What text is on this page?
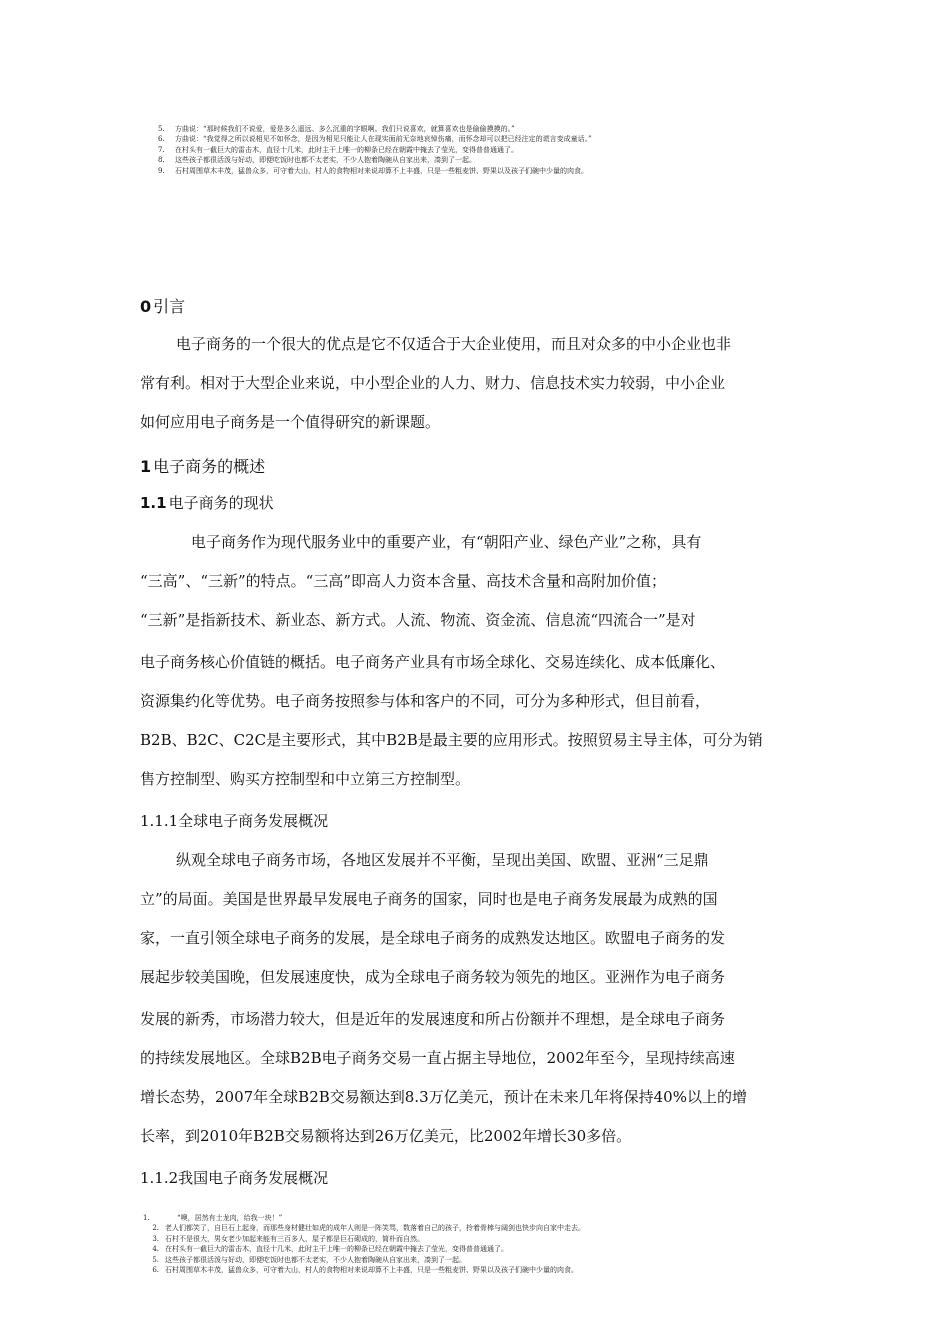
5.	方曲说：“那时候我们不说爱，爱是多么遥远、多么沉重的字眼啊。我们只说喜欢，就算喜欢也是偷偷摸摸的。”
6.	方曲说：“我觉得之所以说相见不如怀念，是因为相见只能让人在现实面前无奈地哀悼伤痛，而怀念却可以把已经注定的谎言变成童话。”
7.	在村头有一截巨大的雷击木，直径十几米，此时主干上唯一的柳条已经在朝霞中掩去了莹光，变得普普通通了。
8.	这些孩子都很活泼与好动，即便吃饭时也都不太老实，不少人抱着陶碗从自家出来，凑到了一起。
9.	石村周围草木丰茂，猛兽众多，可守着大山，村人的食物相对来说却算不上丰盛，只是一些粗麦饼、野果以及孩子们碗中少量的肉食。
0 引言
电子商务的一个很大的优点是它不仅适合于大企业使用，而且对众多的中小企业也非
常有利。相对于大型企业来说，中小型企业的人力、财力、信息技术实力较弱，中小企业
如何应用电子商务是一个值得研究的新课题。
1 电子商务的概述
1.1 电子商务的现状
电子商务作为现代服务业中的重要产业，有“朝阳产业、绿色产业”之称，具有
“三高”、“三新”的特点。“三高”即高人力资本含量、高技术含量和高附加价值；
“三新”是指新技术、新业态、新方式。人流、物流、资金流、信息流“四流合一”是对
电子商务核心价值链的概括。电子商务产业具有市场全球化、交易连续化、成本低廉化、
资源集约化等优势。电子商务按照参与体和客户的不同，可分为多种形式，但目前看，
B2B、B2C、C2C是主要形式，其中B2B是最主要的应用形式。按照贸易主导主体，可分为销
售方控制型、购买方控制型和中立第三方控制型。
1.1.1全球电子商务发展概况
纵观全球电子商务市场，各地区发展并不平衡，呈现出美国、欧盟、亚洲“三足鼎
立”的局面。美国是世界最早发展电子商务的国家，同时也是电子商务发展最为成熟的国
家，一直引领全球电子商务的发展，是全球电子商务的成熟发达地区。欧盟电子商务的发
展起步较美国晚，但发展速度快，成为全球电子商务较为领先的地区。亚洲作为电子商务
发展的新秀，市场潜力较大，但是近年的发展速度和所占份额并不理想，是全球电子商务
的持续发展地区。全球B2B电子商务交易一直占据主导地位，2002年至今，呈现持续高速
增长态势，2007年全球B2B交易额达到8.3万亿美元，预计在未来几年将保持40%以上的增
长率，到2010年B2B交易额将达到26万亿美元，比2002年增长30多倍。
1.1.2我国电子商务发展概况
1.	“噢，居然有土龙肉，给我一块！”
2. 老人们都笑了，自巨石上起身，而那些身材健壮如虎的成年人则是一阵笑骂，数落着自己的孩子，拎着骨棒与阔剑也快步向自家中走去。
3. 石村不是很大，男女老少加起来能有三百多人，屋子都是巨石砌成的，简朴而自然。
4. 在村头有一截巨大的雷击木，直径十几米，此时主干上唯一的柳条已经在朝霞中掩去了莹光，变得普普通通了。
5. 这些孩子都很活泼与好动，即便吃饭时也都不太老实，不少人抱着陶碗从自家出来，凑到了一起。
6. 石村周围草木丰茂，猛兽众多，可守着大山，村人的食物相对来说却算不上丰盛，只是一些粗麦饼、野果以及孩子们碗中少量的肉食。
